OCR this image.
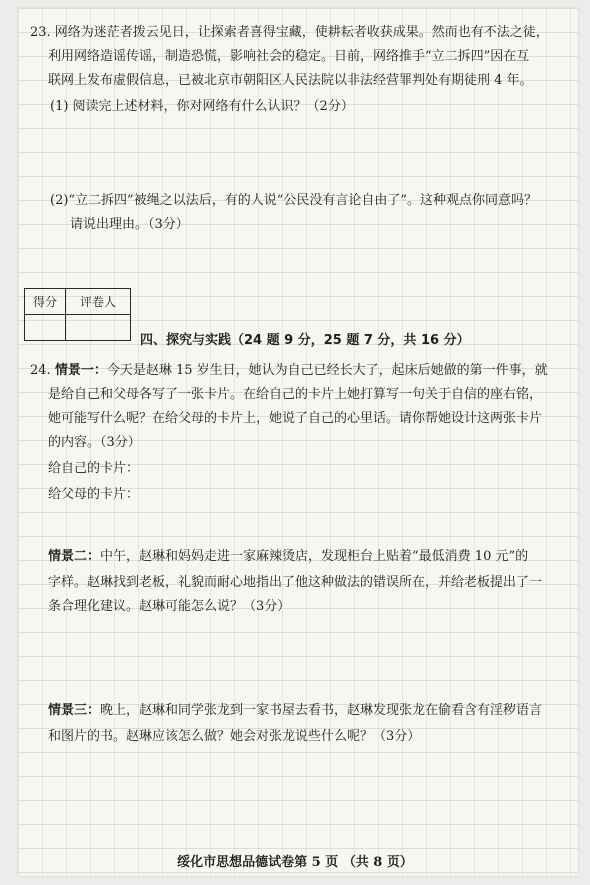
23. 网络为迷茫者拨云见日，让探索者喜得宝藏，使耕耘者收获成果。然而也有不法之徒，

利用网络造谣传谣，制造恐慌，影响社会的稳定。日前，网络推手“立二拆四”因在互

联网上发布虚假信息，已被北京市朝阳区人民法院以非法经营罪判处有期徒刑 4 年。

(1) 阅读完上述材料，你对网络有什么认识？（2分）

(2)“立二拆四”被绳之以法后，有的人说“公民没有言论自由了”。这种观点你同意吗？

请说出理由。（3分）

得分	评卷人

四、探究与实践（24 题 9 分，25 题 7 分，共 16 分）

24. 情景一：今天是赵琳 15 岁生日，她认为自己已经长大了，起床后她做的第一件事，就

是给自己和父母各写了一张卡片。在给自己的卡片上她打算写一句关于自信的座右铭，

她可能写什么呢？在给父母的卡片上，她说了自己的心里话。请你帮她设计这两张卡片

的内容。（3分）

给自己的卡片：

给父母的卡片：

情景二：中午，赵琳和妈妈走进一家麻辣烫店，发现柜台上贴着“最低消费 10 元”的

字样。赵琳找到老板，礼貌而耐心地指出了他这种做法的错误所在，并给老板提出了一

条合理化建议。赵琳可能怎么说？（3分）

情景三：晚上，赵琳和同学张龙到一家书屋去看书，赵琳发现张龙在偷看含有淫秽语言

和图片的书。赵琳应该怎么做？她会对张龙说些什么呢？（3分）

绥化市思想品德试卷第 5 页 （共 8 页）
